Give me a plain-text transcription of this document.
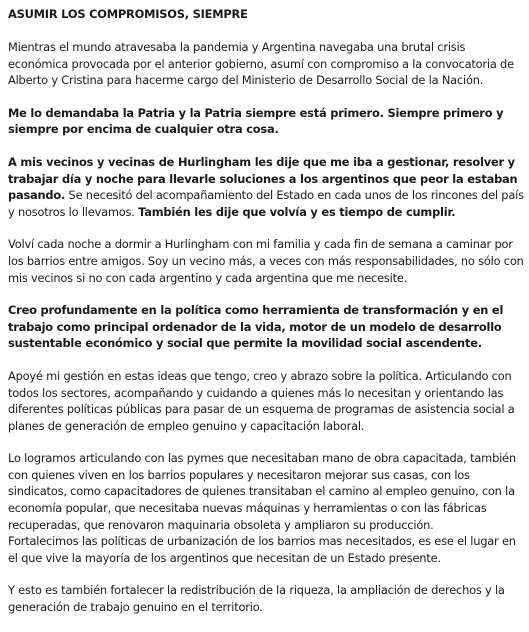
ASUMIR LOS COMPROMISOS, SIEMPRE

Mientras el mundo atravesaba la pandemia y Argentina navegaba una brutal crisis económica provocada por el anterior gobierno, asumí con compromiso a la convocatoria de Alberto y Cristina para hacerme cargo del Ministerio de Desarrollo Social de la Nación.

Me lo demandaba la Patria y la Patria siempre está primero. Siempre primero y siempre por encima de cualquier otra cosa.

A mis vecinos y vecinas de Hurlingham les dije que me iba a gestionar, resolver y trabajar día y noche para llevarle soluciones a los argentinos que peor la estaban pasando. Se necesitó del acompañamiento del Estado en cada unos de los rincones del país y nosotros lo llevamos. También les dije que volvía y es tiempo de cumplir.

Volví cada noche a dormir a Hurlingham con mi familia y cada fin de semana a caminar por los barrios entre amigos. Soy un vecino más, a veces con más responsabilidades, no sólo con mis vecinos si no con cada argentino y cada argentina que me necesite.

Creo profundamente en la política como herramienta de transformación y en el trabajo como principal ordenador de la vida, motor de un modelo de desarrollo sustentable económico y social que permite la movilidad social ascendente.

Apoyé mi gestión en estas ideas que tengo, creo y abrazo sobre la política. Articulando con todos los sectores, acompañando y cuidando a quienes más lo necesitan y orientando las diferentes políticas públicas para pasar de un esquema de programas de asistencia social a planes de generación de empleo genuino y capacitación laboral.

Lo logramos articulando con las pymes que necesitaban mano de obra capacitada, también con quienes viven en los barrios populares y necesitaron mejorar sus casas, con los sindicatos, como capacitadores de quienes transitaban el camino al empleo genuino, con la economía popular, que necesitaba nuevas máquinas y herramientas o con las fábricas recuperadas, que renovaron maquinaria obsoleta y ampliaron su producción.

Fortalecimos las políticas de urbanización de los barrios mas necesitados, es ese el lugar en el que vive la mayoría de los argentinos que necesitan de un Estado presente.

Y esto es también fortalecer la redistribución de la riqueza, la ampliación de derechos y la generación de trabajo genuino en el territorio.
